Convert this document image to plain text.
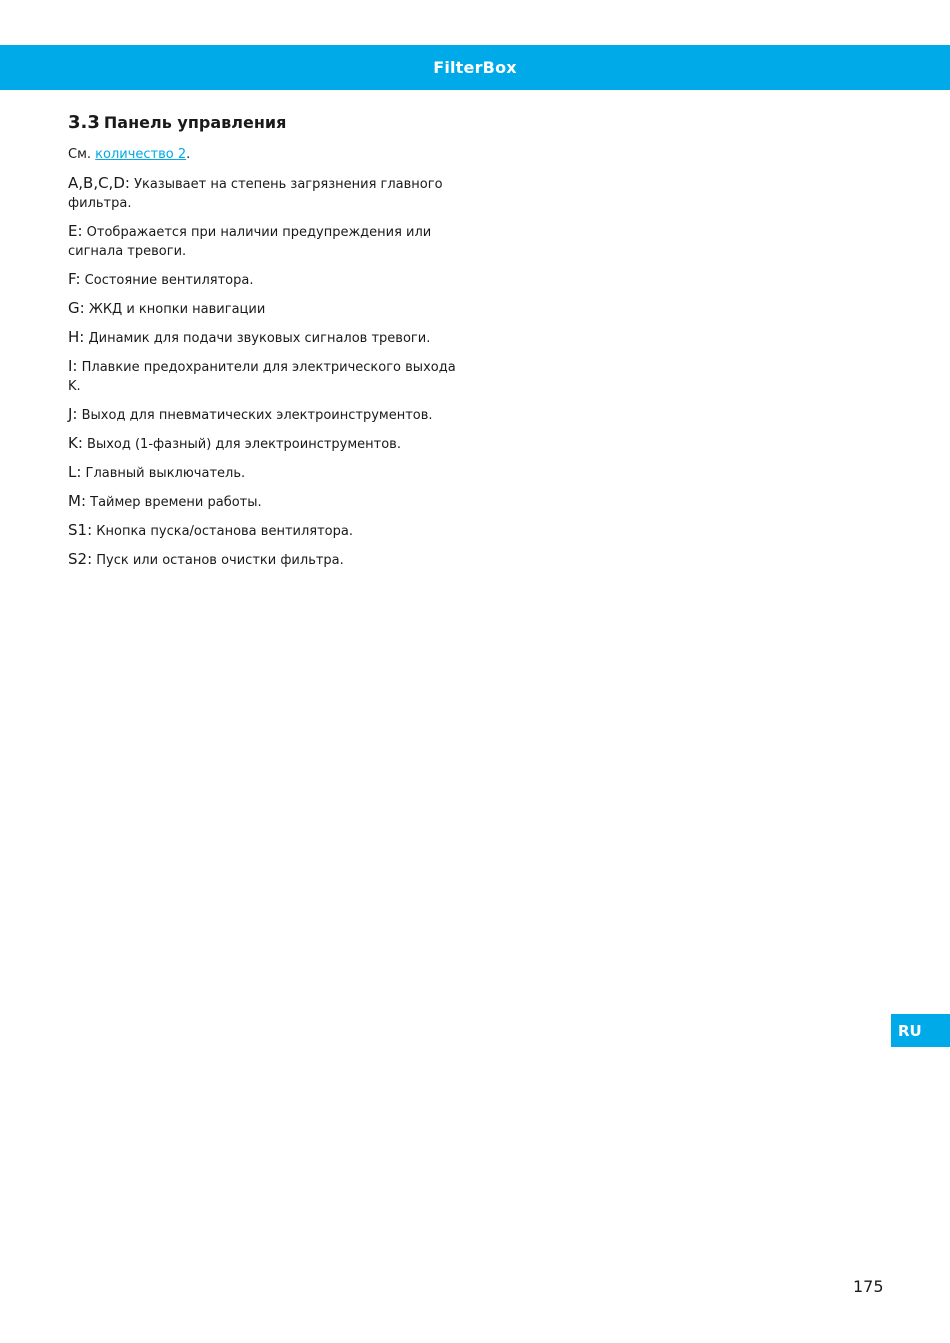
FilterBox
3.3 Панель управления

См. количество 2.

A,B,C,D: Указывает на степень загрязнения главного фильтра.

E: Отображается при наличии предупреждения или сигнала тревоги.

F: Состояние вентилятора.

G: ЖКД и кнопки навигации

H: Динамик для подачи звуковых сигналов тревоги.

I: Плавкие предохранители для электрического выхода K.

J: Выход для пневматических электроинструментов.

K: Выход (1-фазный) для электроинструментов.

L: Главный выключатель.

M: Таймер времени работы.

S1: Кнопка пуска/останова вентилятора.

S2: Пуск или останов очистки фильтра.

RU
175
